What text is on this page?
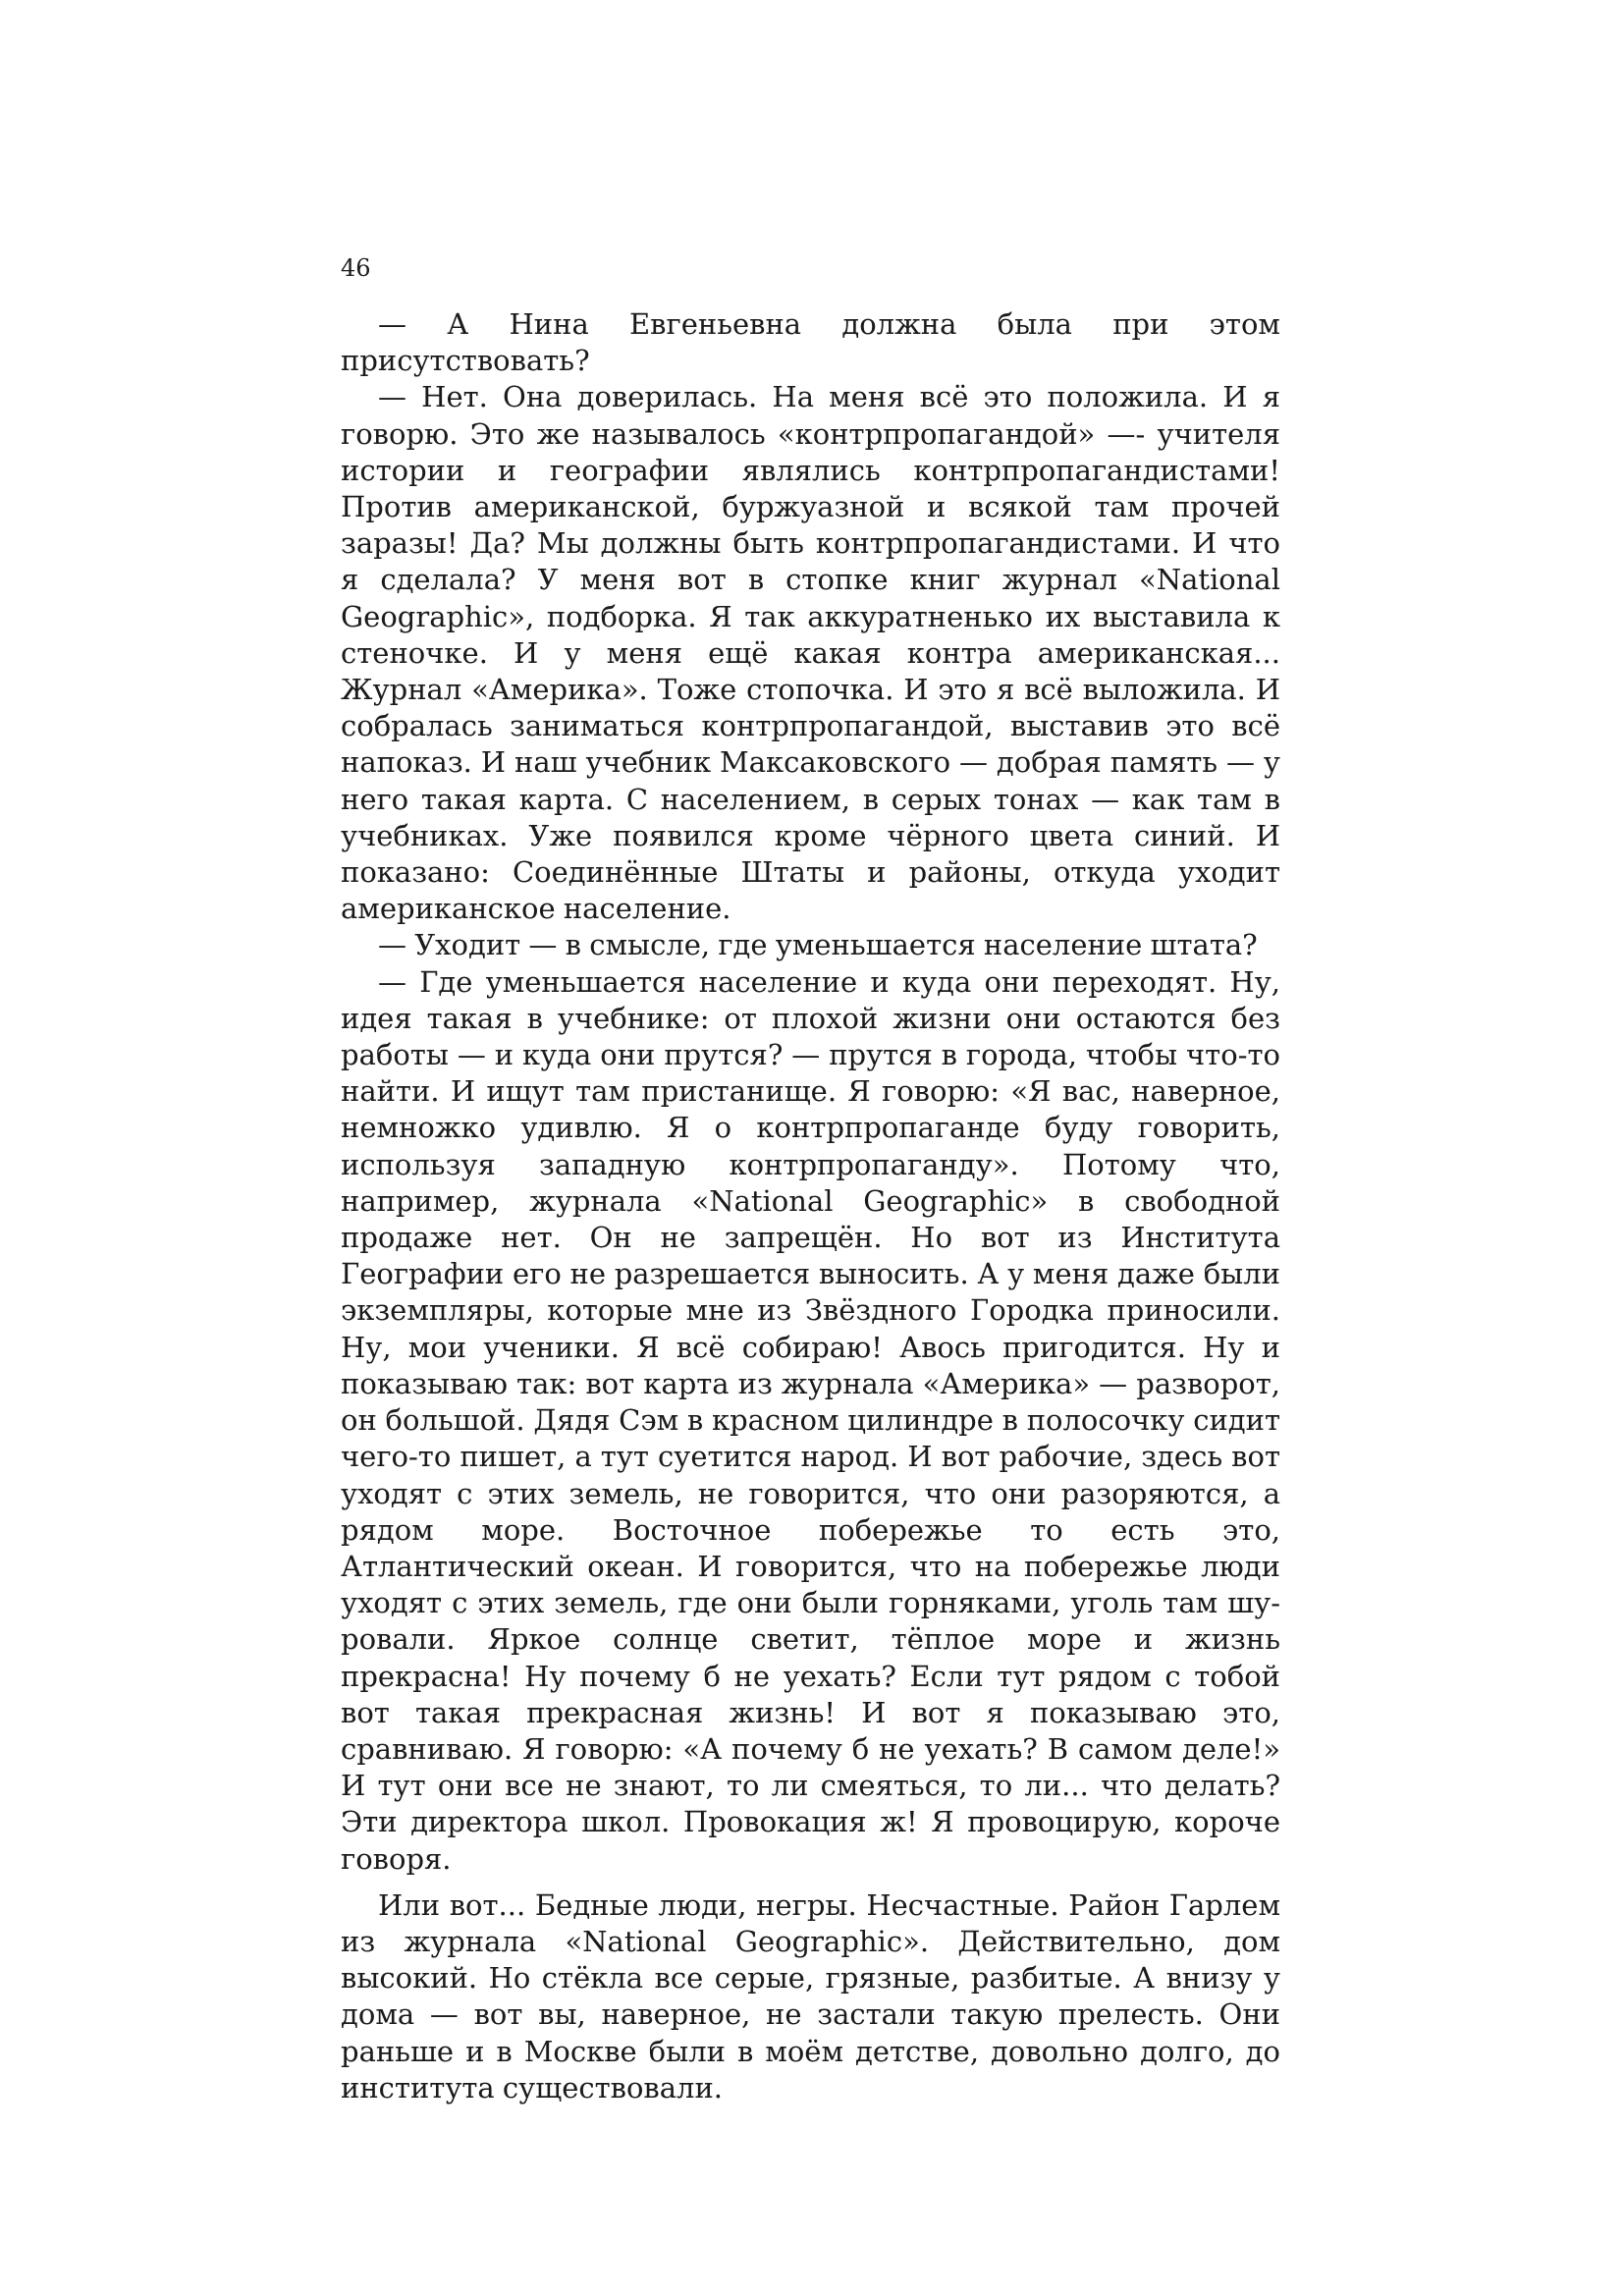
46

— А Нина Евгеньевна должна была при этом присутствовать?

— Нет. Она доверилась. На меня всё это положила. И я говорю. Это же называлось «контрпропагандой» —- учителя истории и географии являлись контрпропагандистами! Против американской, буржуазной и всякой там прочей заразы! Да? Мы должны быть контрпропагандистами. И что я сделала? У меня вот в стопке книг журнал «National Geographic», подборка. Я так аккуратненько их выставила к стеночке. И у меня ещё какая контра американская... Журнал «Америка». Тоже стопочка. И это я всё выложила. И собралась заниматься контрпропагандой, выставив это всё напоказ. И наш учебник Максаковского — добрая память — у него такая карта. С населением, в серых тонах — как там в учебниках. Уже появился кроме чёрного цвета синий. И показано: Соединённые Штаты и районы, откуда уходит американское население.

— Уходит — в смысле, где уменьшается население штата?

— Где уменьшается население и куда они переходят. Ну, идея такая в учебнике: от плохой жизни они остаются без работы — и куда они прутся? — прутся в города, чтобы что-то найти. И ищут там пристанище. Я говорю: «Я вас, наверное, немножко удивлю. Я о контрпропаганде буду говорить, используя западную контрпропаганду». Потому что, например, журнала «National Geographic» в свободной продаже нет. Он не запрещён. Но вот из Института Географии его не разрешается выносить. А у меня даже были экземпляры, которые мне из Звёздного Городка приносили. Ну, мои ученики. Я всё собираю! Авось пригодится. Ну и показываю так: вот карта из журнала «Америка» — разворот, он большой. Дядя Сэм в красном цилиндре в полосочку сидит чего-то пишет, а тут суетится народ. И вот рабочие, здесь вот уходят с этих земель, не говорится, что они разоряются, а рядом море. Восточное побережье то есть это, Атлантический океан. И говорится, что на побережье люди уходят с этих земель, где они были горняками, уголь там шуровали. Яркое солнце светит, тёплое море и жизнь прекрасна! Ну почему б не уехать? Если тут рядом с тобой вот такая прекрасная жизнь! И вот я показываю это, сравниваю. Я говорю: «А почему б не уехать? В самом деле!» И тут они все не знают, то ли смеяться, то ли... что делать? Эти директора школ. Провокация ж! Я провоцирую, короче говоря.

Или вот... Бедные люди, негры. Несчастные. Район Гарлем из журнала «National Geographic». Действительно, дом высокий. Но стёкла все серые, грязные, разбитые. А внизу у дома — вот вы, наверное, не застали такую прелесть. Они раньше и в Москве были в моём детстве, довольно долго, до института существовали.
